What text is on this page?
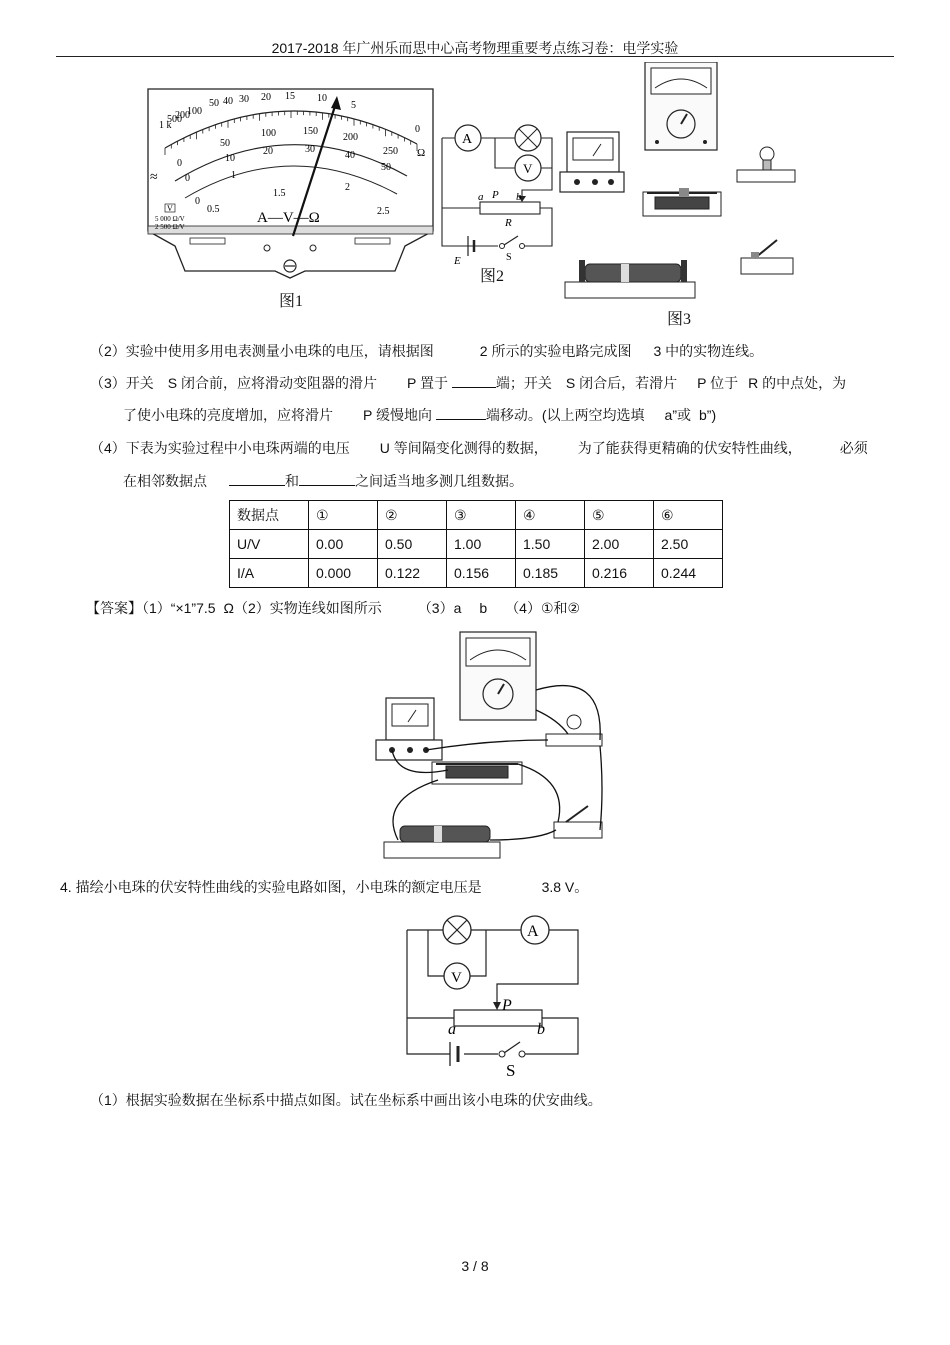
2017-2018 年广州乐而思中心高考物理重要考点练习卷：电学实验
1 k
500
200
100
50 40 30 20 15 10
5
0
Ω
≈
0
50
100	150
200
250
0
10
20	30
40
50
0
0.5
1
1.5
2
2.5
V
5 000 Ω/V
2 500 Ω/V
A—V—Ω
图1
A
V
a P b
R
E	S
图2
图3
（2）实验中使用多用电表测量小电珠的电压，请根据图	2 所示的实验电路完成图 3 中的实物连线。
（3）开关 S 闭合前，应将滑动变阻器的滑片 P 置于	端；开关 S 闭合后，若滑片 P 位于 R 的中点处，为
了使小电珠的亮度增加，应将滑片 P 缓慢地向	端移动。(以上两空均选填 a”或 b”)
（4）下表为实验过程中小电珠两端的电压 U 等间隔变化测得的数据， 为了能获得更精确的伏安特性曲线，	必须
在相邻数据点	和	之间适当地多测几组数据。
数据点	①	②	③	④	⑤	⑥
U/V	0.00	0.50	1.00	1.50	2.00	2.50
I/A	0.000	0.122	0.156	0.185	0.216	0.244
【答案】（1）“×1”7.5 Ω（2）实物连线如图所示	（3）a b （4）①和②
4. 描绘小电珠的伏安特性曲线的实验电路如图，小电珠的额定电压是	3.8 V。
A
V
P
a	b
S
（1）根据实验数据在坐标系中描点如图。试在坐标系中画出该小电珠的伏安曲线。
3 / 8
